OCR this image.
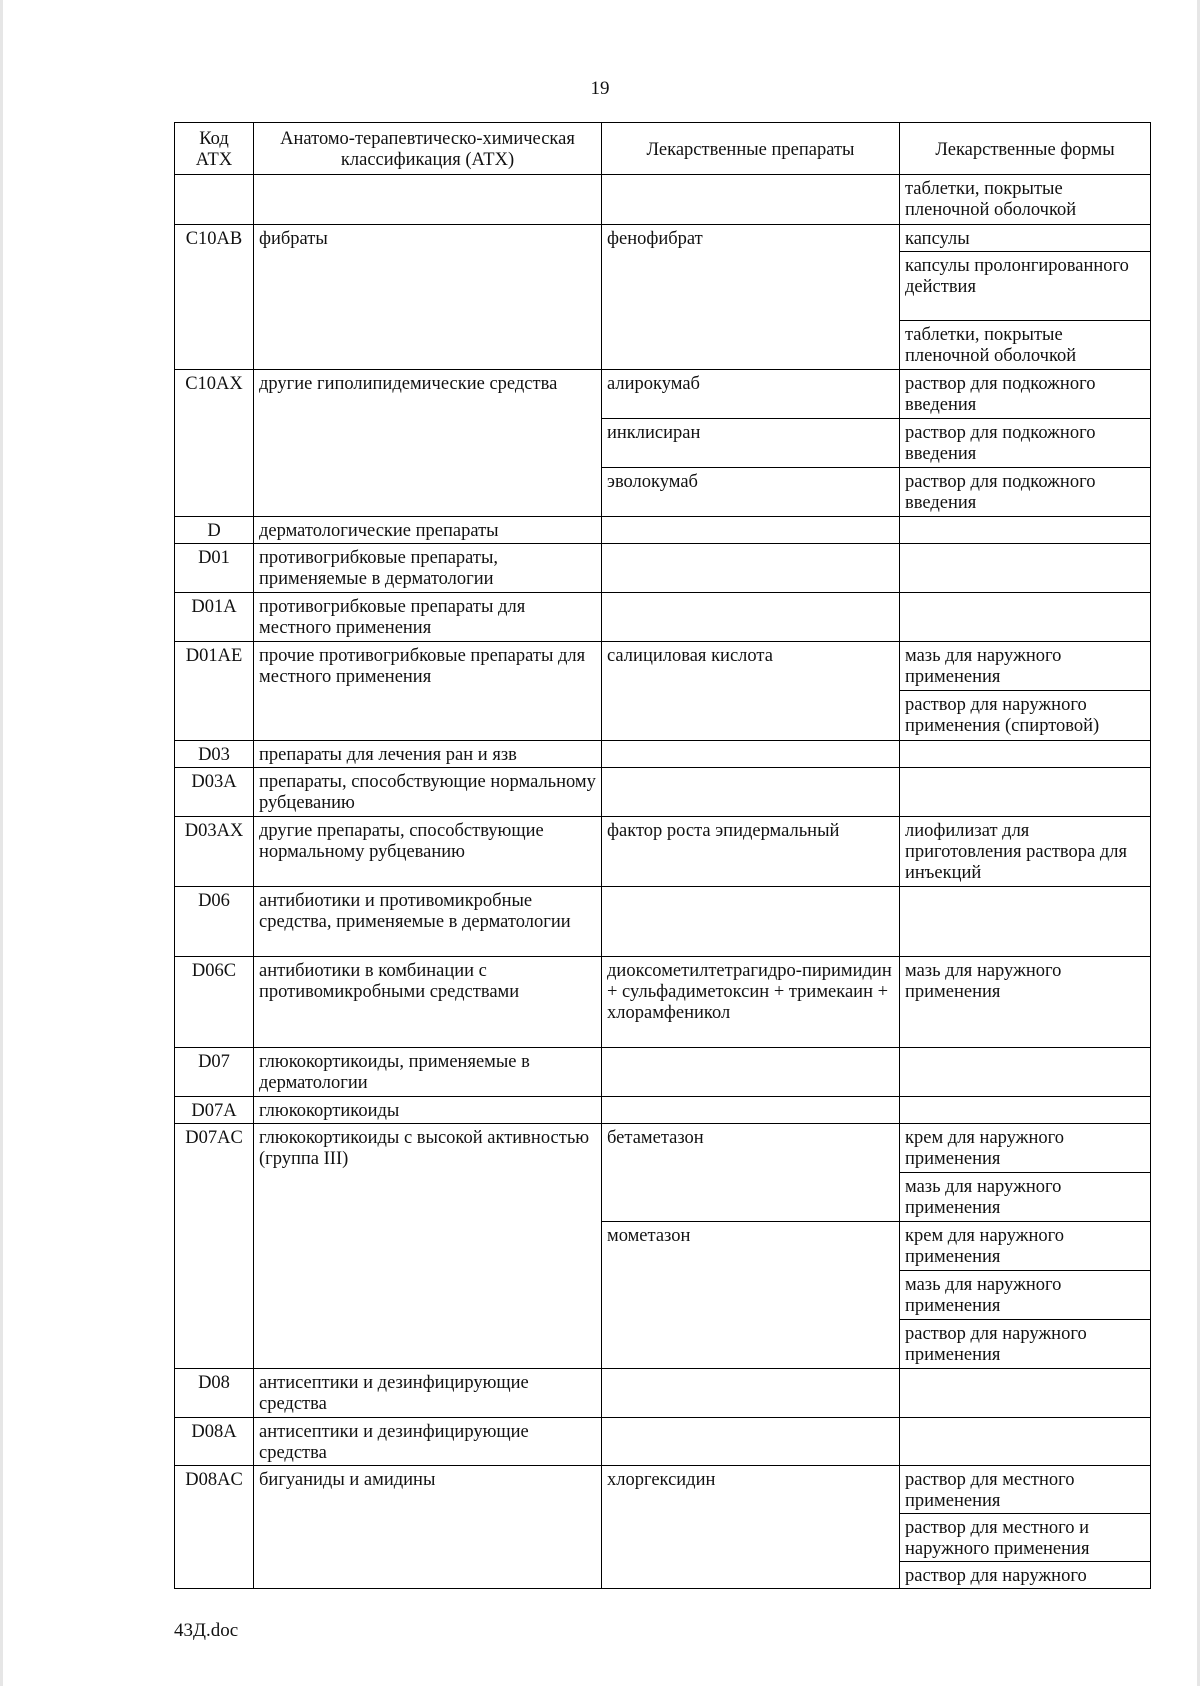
19
Код АТХ	Анатомо-терапевтическо-химическая классификация (АТХ)	Лекарственные препараты	Лекарственные формы
			таблетки, покрытые пленочной оболочкой
C10AB	фибраты	фенофибрат	капсулы
			капсулы пролонгированного действия
			таблетки, покрытые пленочной оболочкой
C10AX	другие гиполипидемические средства	алирокумаб	раствор для подкожного введения
		инклисиран	раствор для подкожного введения
		эволокумаб	раствор для подкожного введения
D	дерматологические препараты		
D01	противогрибковые препараты, применяемые в дерматологии		
D01A	противогрибковые препараты для местного применения		
D01AE	прочие противогрибковые препараты для местного применения	салициловая кислота	мазь для наружного применения
			раствор для наружного применения (спиртовой)
D03	препараты для лечения ран и язв		
D03A	препараты, способствующие нормальному рубцеванию		
D03AX	другие препараты, способствующие нормальному рубцеванию	фактор роста эпидермальный	лиофилизат для приготовления раствора для инъекций
D06	антибиотики и противомикробные средства, применяемые в дерматологии		
D06C	антибиотики в комбинации с противомикробными средствами	диоксометилтетрагидро-пиримидин + сульфадиметоксин + тримекаин + хлорамфеникол	мазь для наружного применения
D07	глюкокортикоиды, применяемые в дерматологии		
D07A	глюкокортикоиды		
D07AC	глюкокортикоиды с высокой активностью (группа III)	бетаметазон	крем для наружного применения
			мазь для наружного применения
		мометазон	крем для наружного применения
			мазь для наружного применения
			раствор для наружного применения
D08	антисептики и дезинфицирующие средства		
D08A	антисептики и дезинфицирующие средства		
D08AC	бигуаниды и амидины	хлоргексидин	раствор для местного применения
			раствор для местного и наружного применения
			раствор для наружного
43Д.doc
